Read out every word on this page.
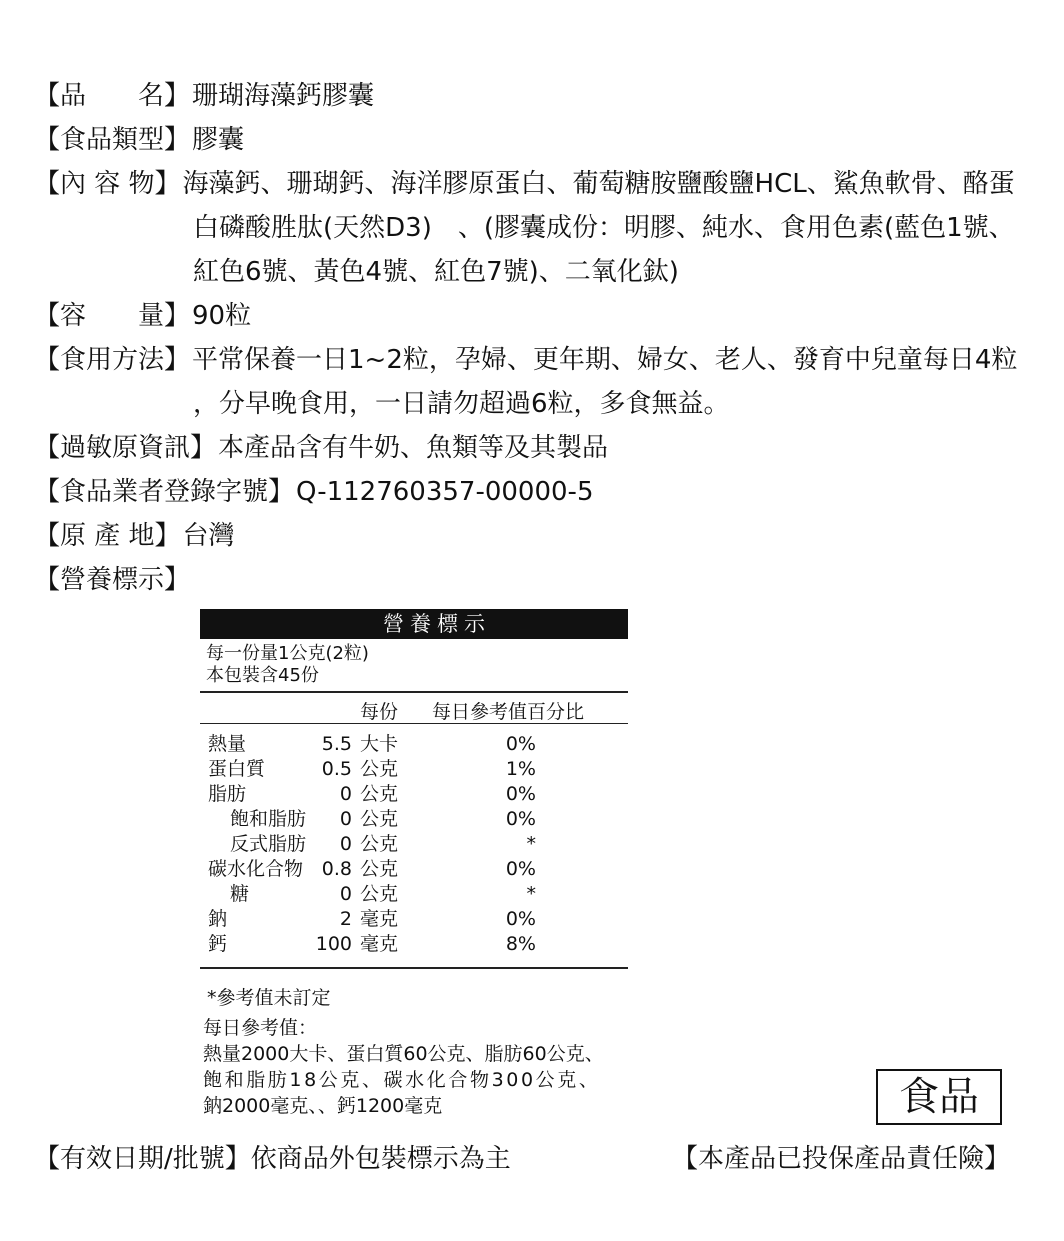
【品　　名】珊瑚海藻鈣膠囊
【食品類型】膠囊
【內 容 物】海藻鈣、珊瑚鈣、海洋膠原蛋白、葡萄糖胺鹽酸鹽HCL、鯊魚軟骨、酪蛋
白磷酸胜肽(天然D3)　、(膠囊成份：明膠、純水、食用色素(藍色1號、
紅色6號、黃色4號、紅色7號)、二氧化鈦)
【容　　量】90粒
【食用方法】平常保養一日1~2粒，孕婦、更年期、婦女、老人、發育中兒童每日4粒
，分早晚食用，一日請勿超過6粒，多食無益。
【過敏原資訊】本產品含有牛奶、魚類等及其製品
【食品業者登錄字號】Q-112760357-00000-5
【原 產 地】台灣
【營養標示】
營養標示
每一份量1公克(2粒)
本包裝含45份
每份 每日參考值百分比
熱量	5.5 大卡	0%
蛋白質	0.5 公克	1%
脂肪	0 公克	0%
飽和脂肪 0 公克	0%
反式脂肪 0 公克	*
碳水化合物 0.8 公克	0%
糖	0 公克	*
鈉	2 毫克	0%
鈣	100 毫克	8%
*參考值未訂定
每日參考值：
熱量2000大卡、蛋白質60公克、脂肪60公克、
飽和脂肪18公克、碳水化合物300公克、
鈉2000毫克、、鈣1200毫克	食品
【有效日期/批號】依商品外包裝標示為主	【本產品已投保產品責任險】
